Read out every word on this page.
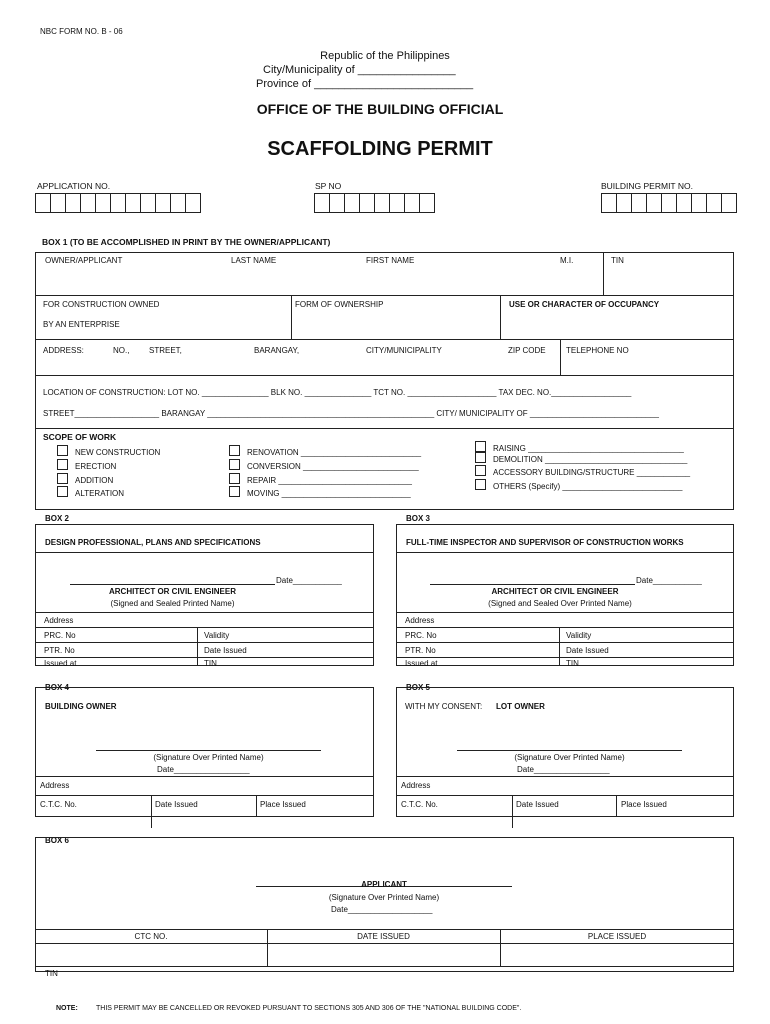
NBC FORM NO. B - 06
Republic of the Philippines
City/Municipality of ________________
Province of __________________________
OFFICE OF THE BUILDING OFFICIAL
SCAFFOLDING PERMIT
APPLICATION NO.	SP NO	BUILDING PERMIT NO.
BOX 1 (TO BE ACCOMPLISHED IN PRINT BY THE OWNER/APPLICANT)
OWNER/APPLICANT	LAST NAME	FIRST NAME	M.I.	TIN
FOR CONSTRUCTION OWNED
BY AN ENTERPRISE
FORM OF OWNERSHIP	USE OR CHARACTER OF OCCUPANCY
ADDRESS:	NO., STREET,	BARANGAY,	CITY/MUNICIPALITY	ZIP CODE	TELEPHONE NO
LOCATION OF CONSTRUCTION: LOT NO. _______________ BLK NO. _______________ TCT NO. ____________________ TAX DEC. NO.__________________
STREET___________________ BARANGAY ___________________________________________________ CITY/ MUNICIPALITY OF _____________________________
SCOPE OF WORK
NEW CONSTRUCTION
ERECTION
ADDITION
ALTERATION
RENOVATION ___________________________
CONVERSION __________________________
REPAIR ______________________________
MOVING _____________________________
RAISING ___________________________________
DEMOLITION ________________________________
ACCESSORY BUILDING/STRUCTURE ____________
OTHERS (Specify) ___________________________
BOX 2
DESIGN PROFESSIONAL, PLANS AND SPECIFICATIONS
Date___________
ARCHITECT OR CIVIL ENGINEER
(Signed and Sealed Printed Name)
Address
PRC. No	Validity
PTR. No	Date Issued
Issued at	TIN
BOX 3
FULL-TIME INSPECTOR AND SUPERVISOR OF CONSTRUCTION WORKS
Date___________
ARCHITECT OR CIVIL ENGINEER
(Signed and Sealed Over Printed Name)
Address
PRC. No	Validity
PTR. No	Date Issued
Issued at	TIN
BOX 4
BUILDING OWNER
(Signature Over Printed Name)
Date_________________
Address
C.T.C. No.	Date Issued	Place Issued
BOX 5
WITH MY CONSENT: LOT OWNER
(Signature Over Printed Name)
Date_________________
Address
C.T.C. No.	Date Issued	Place Issued
BOX 6
APPLICANT
(Signature Over Printed Name)
Date___________________
CTC NO.	DATE ISSUED	PLACE ISSUED
TIN
NOTE:	THIS PERMIT MAY BE CANCELLED OR REVOKED PURSUANT TO SECTIONS 305 AND 306 OF THE "NATIONAL BUILDING CODE".
